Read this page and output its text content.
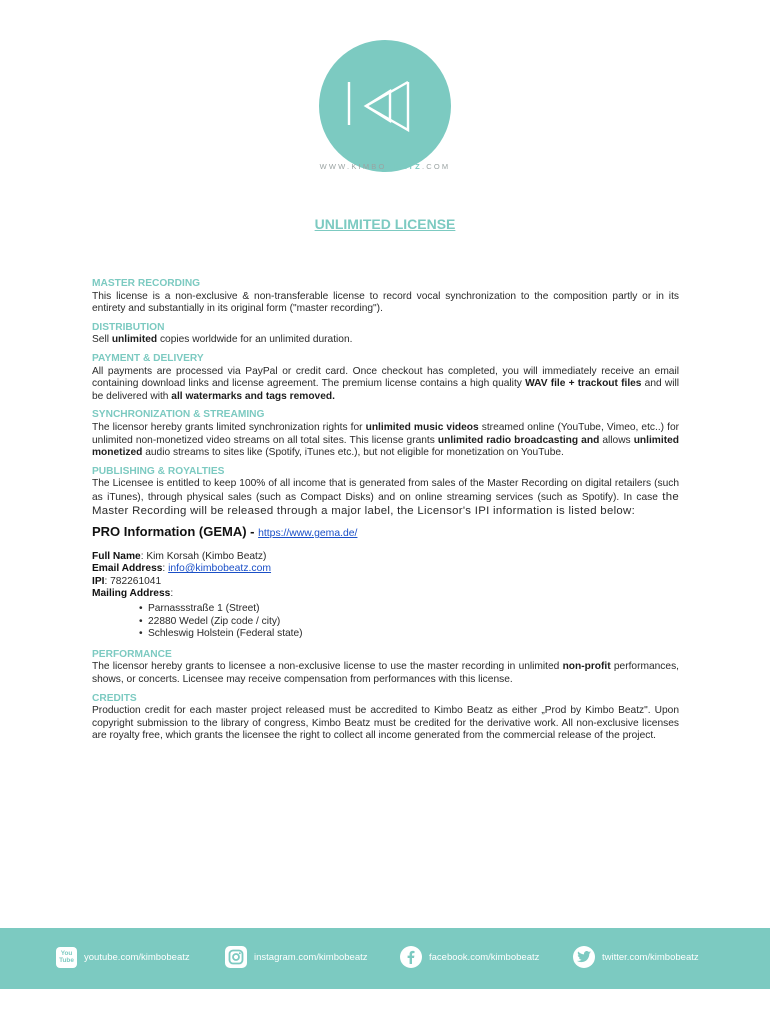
WWW.KIMBOBEATZ.COM
UNLIMITED LICENSE

MASTER RECORDING

This license is a non-exclusive & non-transferable license to record vocal synchronization to the composition partly or in its entirety and substantially in its original form ("master recording").

DISTRIBUTION

Sell unlimited copies worldwide for an unlimited duration.

PAYMENT & DELIVERY

All payments are processed via PayPal or credit card. Once checkout has completed, you will immediately receive an email containing download links and license agreement. The premium license contains a high quality WAV file + trackout files and will be delivered with all watermarks and tags removed.

SYNCHRONIZATION & STREAMING

The licensor hereby grants limited synchronization rights for unlimited music videos streamed online (YouTube, Vimeo, etc..) for unlimited non-monetized video streams on all total sites. This license grants unlimited radio broadcasting and allows unlimited monetized audio streams to sites like (Spotify, iTunes etc.), but not eligible for monetization on YouTube.

PUBLISHING & ROYALTIES

The Licensee is entitled to keep 100% of all income that is generated from sales of the Master Recording on digital retailers (such as iTunes), through physical sales (such as Compact Disks) and on online streaming services (such as Spotify). In case the Master Recording will be released through a major label, the Licensor's IPI information is listed below:

PRO Information (GEMA) - https://www.gema.de/

Full Name: Kim Korsah (Kimbo Beatz)

Email Address: info@kimbobeatz.com

IPI: 782261041

Mailing Address:

• Parnassstraße 1 (Street)
• 22880 Wedel (Zip code / city)
• Schleswig Holstein (Federal state)

PERFORMANCE

The licensor hereby grants to licensee a non-exclusive license to use the master recording in unlimited non-profit performances, shows, or concerts. Licensee may receive compensation from performances with this license.

CREDITS

Production credit for each master project released must be accredited to Kimbo Beatz as either „Prod by Kimbo Beatz". Upon copyright submission to the library of congress, Kimbo Beatz must be credited for the derivative work. All non-exclusive licenses are royalty free, which grants the licensee the right to collect all income generated from the commercial release of the project.

You
Tube youtube.com/kimbobeatz	instagram.com/kimbobeatz	facebook.com/kimbobeatz	twitter.com/kimbobeatz
